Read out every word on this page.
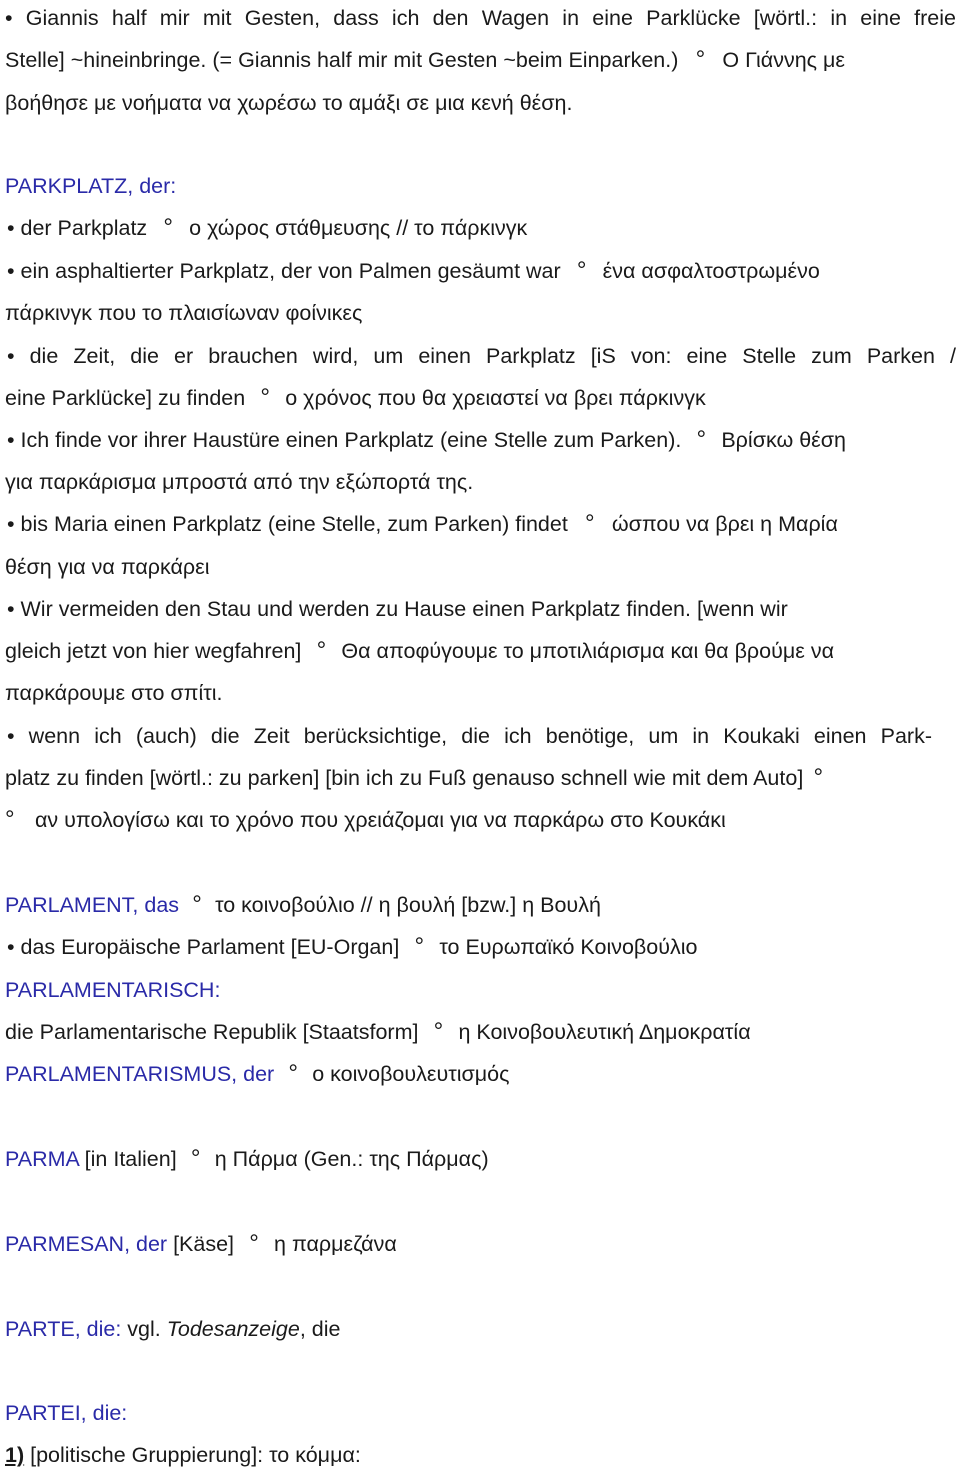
• Giannis half mir mit Gesten, dass ich den Wagen in eine Parklücke [wörtl.: in eine freie
Stelle] ~hineinbringe. (= Giannis half mir mit Gesten ~beim Einparken.) ° Ο Γιάννης με
βοήθησε με νοήματα να χωρέσω το αμάξι σε μια κενή θέση.
PARKPLATZ, der:
• der Parkplatz ° ο χώρος στάθμευσης // το πάρκινγκ
• ein asphaltierter Parkplatz, der von Palmen gesäumt war ° ένα ασφαλτοστρωμένο
πάρκινγκ που το πλαισίωναν φοίνικες
• die Zeit, die er brauchen wird, um einen Parkplatz [iS von: eine Stelle zum Parken /
eine Parklücke] zu finden ° ο χρόνος που θα χρειαστεί να βρει πάρκινγκ
• Ich finde vor ihrer Haustüre einen Parkplatz (eine Stelle zum Parken). ° Βρίσκω θέση
για παρκάρισμα μπροστά από την εξώπορτά της.
• bis Maria einen Parkplatz (eine Stelle, zum Parken) findet ° ώσπου να βρει η Μαρία
θέση για να παρκάρει
• Wir vermeiden den Stau und werden zu Hause einen Parkplatz finden. [wenn wir
gleich jetzt von hier wegfahren] ° Θα αποφύγουμε το μποτιλιάρισμα και θα βρούμε να
παρκάρουμε στο σπίτι.
• wenn ich (auch) die Zeit berücksichtige, die ich benötige, um in Koukaki einen Park-
platz zu finden [wörtl.: zu parken] [bin ich zu Fuß genauso schnell wie mit dem Auto]°
°αν υπολογίσω και το χρόνο που χρειάζομαι για να παρκάρω στο Κουκάκι
PARLAMENT, das ° το κοινοβούλιο // η βουλή [bzw.] η Βουλή
• das Europäische Parlament [EU-Organ] ° το Ευρωπαϊκό Κοινοβούλιο
PARLAMENTARISCH:
die Parlamentarische Republik [Staatsform] ° η Κοινοβουλευτική Δημοκρατία
PARLAMENTARISMUS, der ° ο κοινοβουλευτισμός
PARMA [in Italien] ° η Πάρμα (Gen.: της Πάρμας)
PARMESAN, der [Käse] ° η παρμεζάνα
PARTE, die: vgl. Todesanzeige, die
PARTEI, die:
1) [politische Gruppierung]: το κόμμα:
